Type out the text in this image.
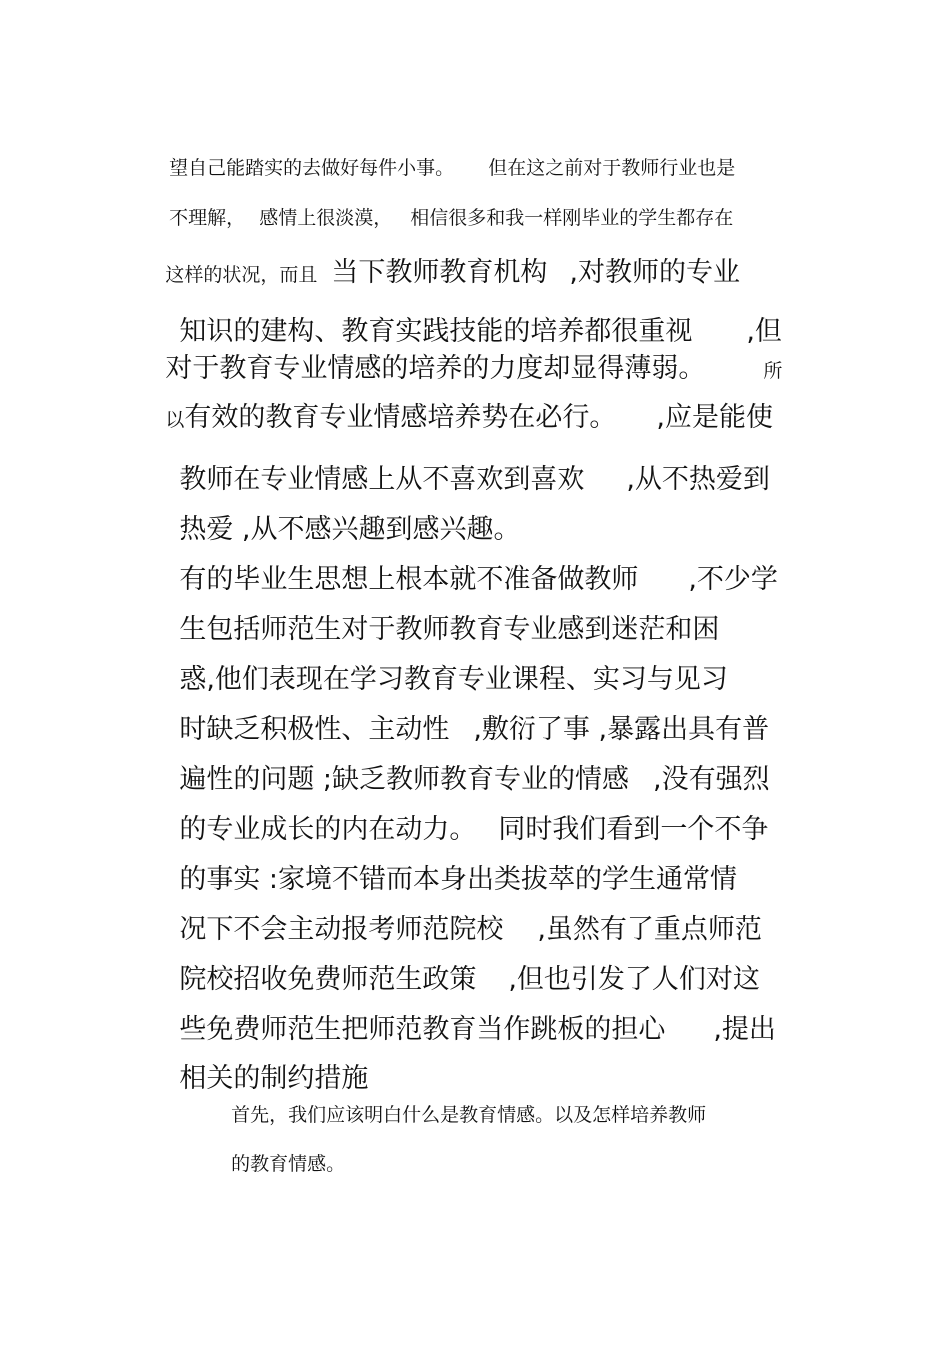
望自己能踏实的去做好每件小事。 但在这之前对于教师行业也是

不理解， 感情上很淡漠， 相信很多和我一样刚毕业的学生都存在

这样的状况，而且 当下教师教育机构 ,对教师的专业

知识的建构、教育实践技能的培养都很重视 ,但

对于教育专业情感的培养的力度却显得薄弱。	所

以有效的教育专业情感培养势在必行。 ,应是能使

教师在专业情感上从不喜欢到喜欢 ,从不热爱到

热爱 ,从不感兴趣到感兴趣。

有的毕业生思想上根本就不准备做教师 ,不少学

生包括师范生对于教师教育专业感到迷茫和困

惑,他们表现在学习教育专业课程、实习与见习

时缺乏积极性、主动性 ,敷衍了事 ,暴露出具有普

遍性的问题 ;缺乏教师教育专业的情感 ,没有强烈

的专业成长的内在动力。 同时我们看到一个不争

的事实 :家境不错而本身出类拔萃的学生通常情

况下不会主动报考师范院校 ,虽然有了重点师范

院校招收免费师范生政策 ,但也引发了人们对这

些免费师范生把师范教育当作跳板的担心 ,提出

相关的制约措施

首先，我们应该明白什么是教育情感。以及怎样培养教师

的教育情感。
